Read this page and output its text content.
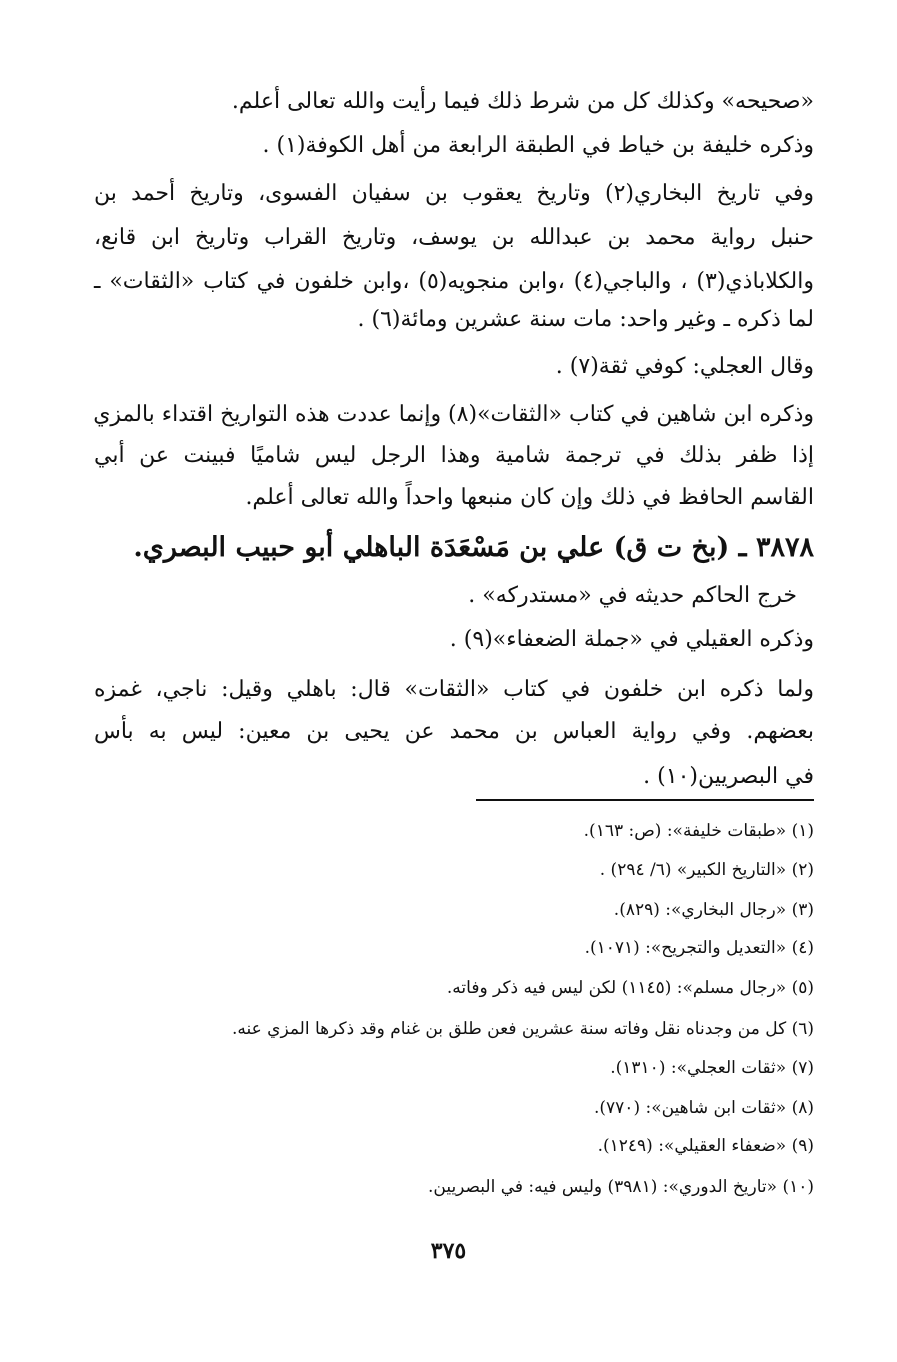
«صحيحه» وكذلك كل من شرط ذلك فيما رأيت والله تعالى أعلم.
وذكره خليفة بن خياط في الطبقة الرابعة من أهل الكوفة(١) .
وفي تاريخ البخاري(٢) وتاريخ يعقوب بن سفيان الفسوى، وتاريخ أحمد بن
حنبل رواية محمد بن عبدالله بن يوسف، وتاريخ القراب وتاريخ ابن قانع،
والكلاباذي(٣) ، والباجي(٤) ،وابن منجويه(٥) ،وابن خلفون في كتاب «الثقات» ـ
لما ذكره ـ وغير واحد: مات سنة عشرين ومائة(٦) .
وقال العجلي: كوفي ثقة(٧) .
وذكره ابن شاهين في كتاب «الثقات»(٨) وإنما عددت هذه التواريخ اقتداء بالمزي
إذا ظفر بذلك في ترجمة شامية وهذا الرجل ليس شاميًا فبينت عن أبي
القاسم الحافظ في ذلك وإن كان منبعها واحداً والله تعالى أعلم.
٣٨٧٨ ـ (بخ ت ق) علي بن مَسْعَدَة الباهلي أبو حبيب البصري.
خرج الحاكم حديثه في «مستدركه» .
وذكره العقيلي في «جملة الضعفاء»(٩) .
ولما ذكره ابن خلفون في كتاب «الثقات» قال: باهلي وقيل: ناجي، غمزه
بعضهم. وفي رواية العباس بن محمد عن يحيى بن معين: ليس به بأس
في البصريين(١٠) .
(١) «طبقات خليفة»: (ص: ١٦٣).
(٢) «التاريخ الكبير» (٦/ ٢٩٤) .
(٣) «رجال البخاري»: (٨٢٩).
(٤) «التعديل والتجريح»: (١٠٧١).
(٥) «رجال مسلم»: (١١٤٥) لكن ليس فيه ذكر وفاته.
(٦) كل من وجدناه نقل وفاته سنة عشرين فعن طلق بن غنام وقد ذكرها المزي عنه.
(٧) «ثقات العجلي»: (١٣١٠).
(٨) «ثقات ابن شاهين»: (٧٧٠).
(٩) «ضعفاء العقيلي»: (١٢٤٩).
(١٠) «تاريخ الدوري»: (٣٩٨١) وليس فيه: في البصريين.
٣٧٥
